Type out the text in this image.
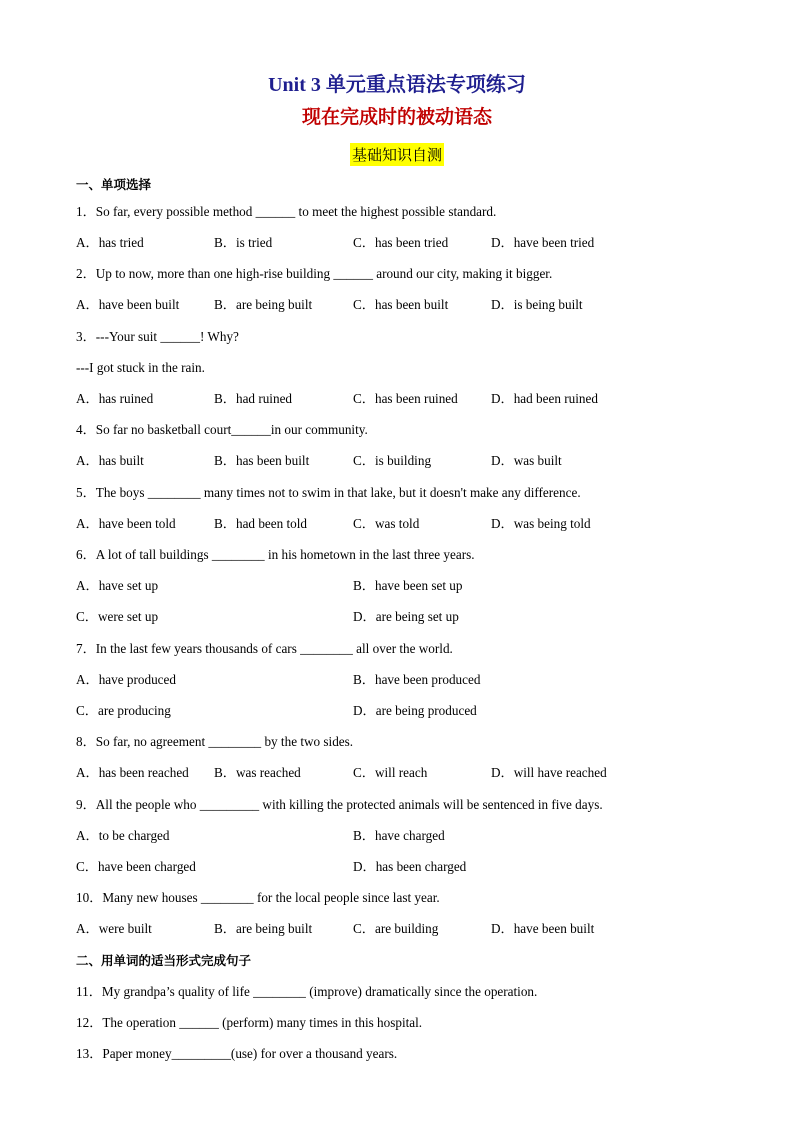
Unit 3 单元重点语法专项练习
现在完成时的被动语态
基础知识自测
一、单项选择
1．So far, every possible method ______ to meet the highest possible standard.
A．has tried	B．is tried	C．has been tried	D．have been tried
2．Up to now, more than one high-rise building ______ around our city, making it bigger.
A．have been built	B．are being built	C．has been built	D．is being built
3．---Your suit ______! Why?
---I got stuck in the rain.
A．has ruined	B．had ruined	C．has been ruined	D．had been ruined
4．So far no basketball court______in our community.
A．has built	B．has been built	C．is building	D．was built
5．The boys ________ many times not to swim in that lake, but it doesn't make any difference.
A．have been told	B．had been told	C．was told	D．was being told
6．A lot of tall buildings ________ in his hometown in the last three years.
A．have set up	B．have been set up
C．were set up	D．are being set up
7．In the last few years thousands of cars ________ all over the world.
A．have produced	B．have been produced
C．are producing	D．are being produced
8．So far, no agreement ________ by the two sides.
A．has been reached B．was reached	C．will reach	D．will have reached
9．All the people who _________ with killing the protected animals will be sentenced in five days.
A．to be charged	B．have charged
C．have been charged	D．has been charged
10．Many new houses ________ for the local people since last year.
A．were built	B．are being built	C．are building	D．have been built
二、用单词的适当形式完成句子
11．My grandpa’s quality of life ________ (improve) dramatically since the operation.
12．The operation ______ (perform) many times in this hospital.
13．Paper money_________(use) for over a thousand years.
